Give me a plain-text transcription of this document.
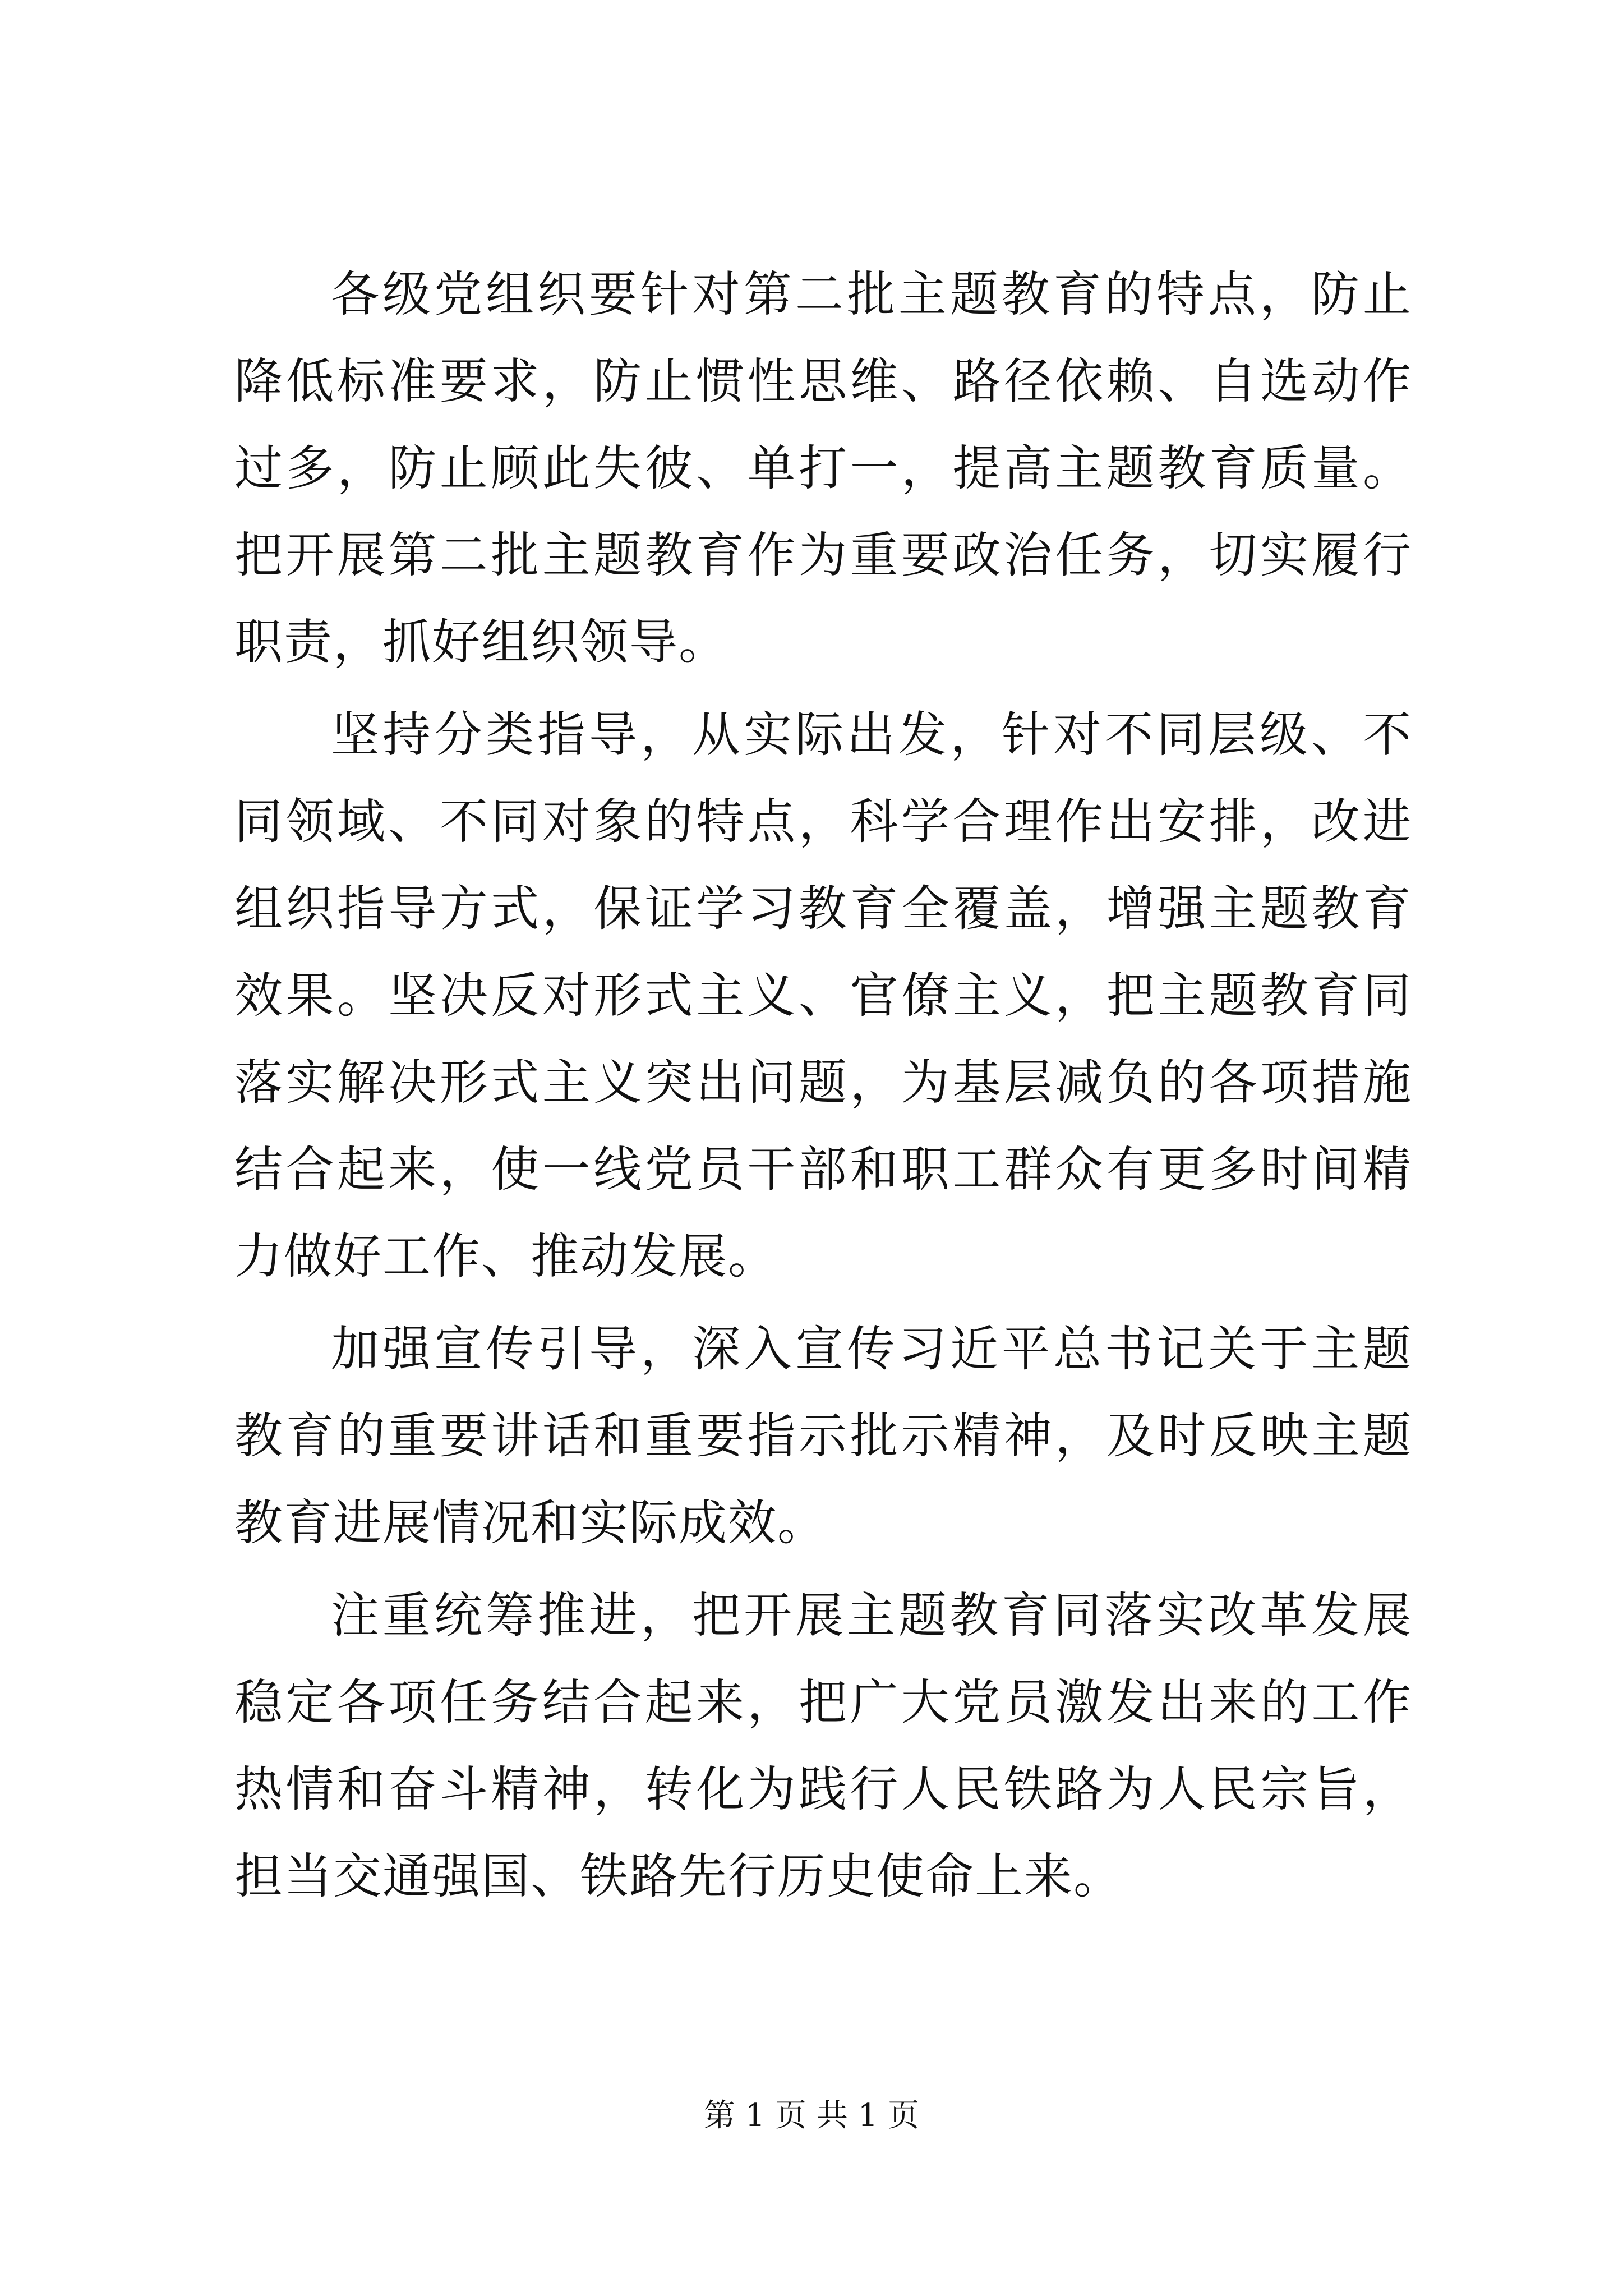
各级党组织要针对第二批主题教育的特点，防止降低标准要求，防止惯性思维、路径依赖、自选动作过多，防止顾此失彼、单打一，提高主题教育质量。把开展第二批主题教育作为重要政治任务，切实履行职责，抓好组织领导。

坚持分类指导，从实际出发，针对不同层级、不同领域、不同对象的特点，科学合理作出安排，改进组织指导方式，保证学习教育全覆盖，增强主题教育效果。坚决反对形式主义、官僚主义，把主题教育同落实解决形式主义突出问题，为基层减负的各项措施结合起来，使一线党员干部和职工群众有更多时间精力做好工作、推动发展。

加强宣传引导，深入宣传习近平总书记关于主题教育的重要讲话和重要指示批示精神，及时反映主题教育进展情况和实际成效。

注重统筹推进，把开展主题教育同落实改革发展稳定各项任务结合起来，把广大党员激发出来的工作热情和奋斗精神，转化为践行人民铁路为人民宗旨，担当交通强国、铁路先行历史使命上来。

第 1 页 共 1 页
